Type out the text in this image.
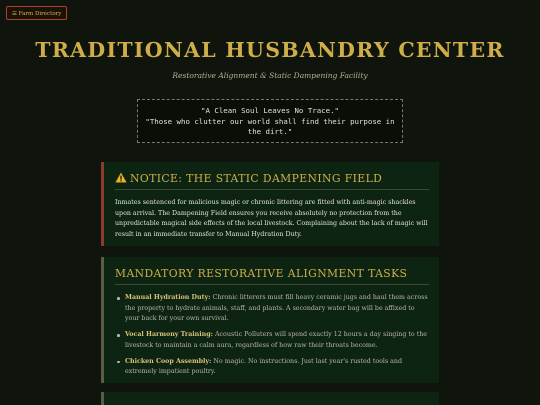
☰ Farm Directory
TRADITIONAL HUSBANDRY CENTER

Restorative Alignment & Static Dampening Facility

"A Clean Soul Leaves No Trace."

"Those who clutter our world shall find their purpose in the dirt."

NOTICE: THE STATIC DAMPENING FIELD

Inmates sentenced for malicious magic or chronic littering are fitted with anti-magic shackles upon arrival. The Dampening Field ensures you receive absolutely no protection from the unpredictable magical side effects of the local livestock. Complaining about the lack of magic will result in an immediate transfer to Manual Hydration Duty.

MANDATORY RESTORATIVE ALIGNMENT TASKS
Manual Hydration Duty: Chronic litterers must fill heavy ceramic jugs and haul them across the property to hydrate animals, staff, and plants. A secondary water bag will be affixed to your back for your own survival.
Vocal Harmony Training: Acoustic Polluters will spend exactly 12 hours a day singing to the livestock to maintain a calm aura, regardless of how raw their throats become.
Chicken Coop Assembly: No magic. No instructions. Just last year's rusted tools and extremely impatient poultry.
